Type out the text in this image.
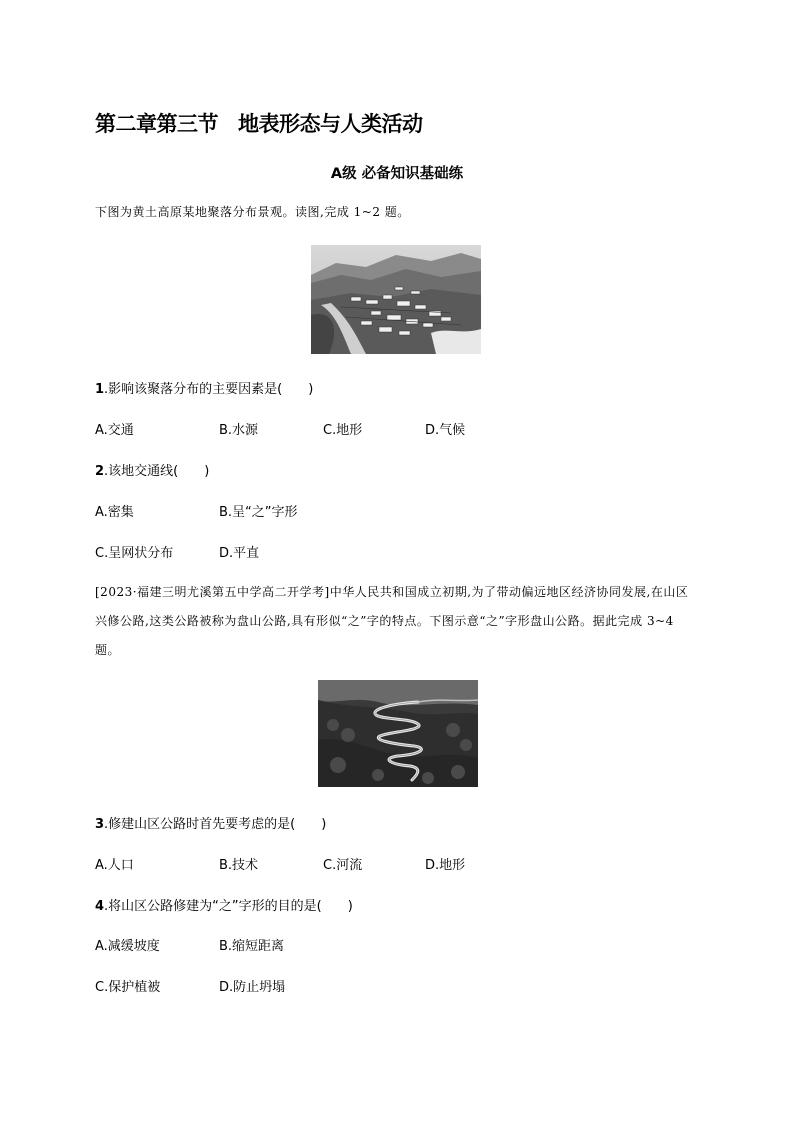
第二章第三节 地表形态与人类活动
A级 必备知识基础练
下图为黄土高原某地聚落分布景观。读图,完成 1~2 题。
1.影响该聚落分布的主要因素是(　　)
A.交通	B.水源	C.地形	D.气候
2.该地交通线(　　)
A.密集	B.呈“之”字形
C.呈网状分布	D.平直
[2023·福建三明尤溪第五中学高二开学考]中华人民共和国成立初期,为了带动偏远地区经济协同发展,在山区兴修公路,这类公路被称为盘山公路,具有形似“之”字的特点。下图示意“之”字形盘山公路。据此完成 3~4 题。
3.修建山区公路时首先要考虑的是(　　)
A.人口	B.技术	C.河流	D.地形
4.将山区公路修建为“之”字形的目的是(　　)
A.减缓坡度	B.缩短距离
C.保护植被	D.防止坍塌
